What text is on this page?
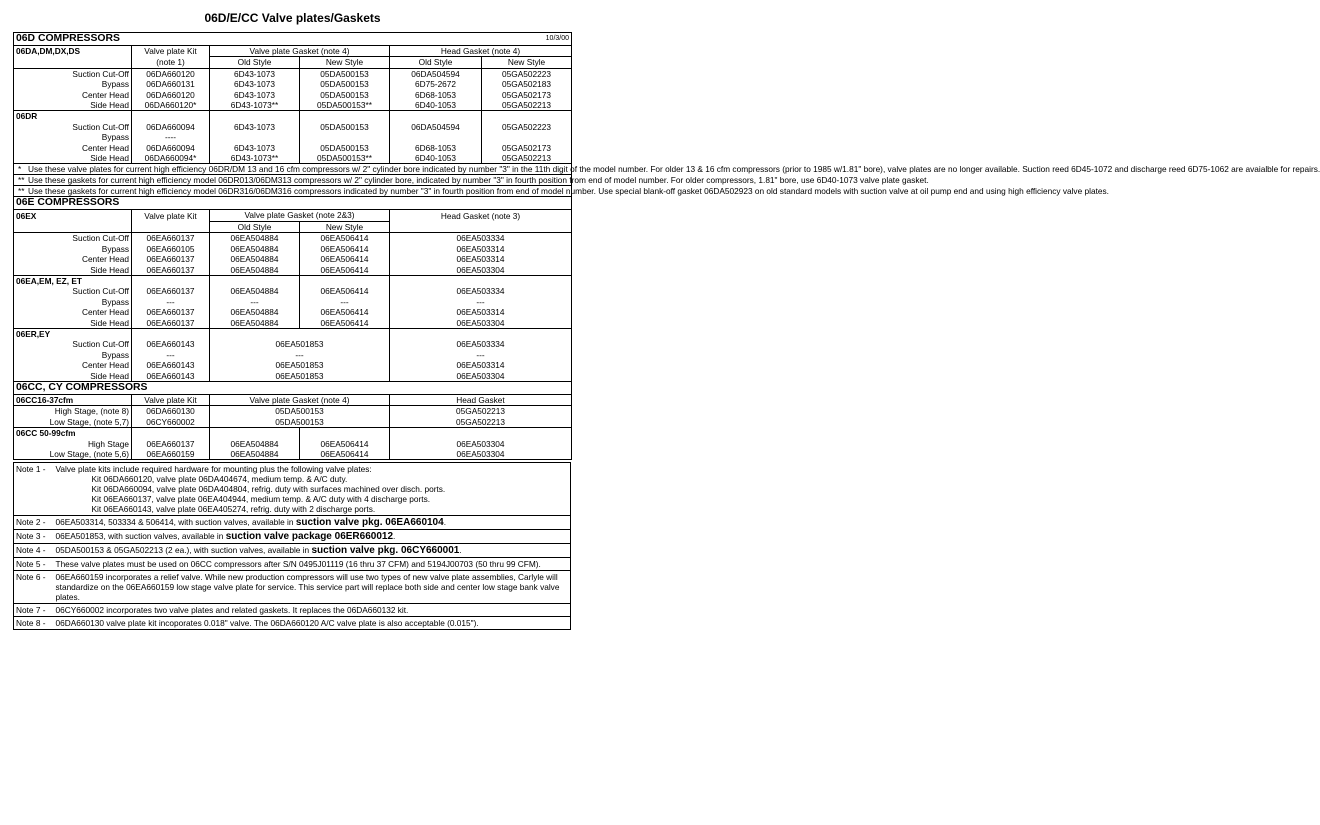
06D/E/CC Valve plates/Gaskets
06D COMPRESSORS 10/3/00					

06DA,DM,DX,DS	Valve plate Kit	Valve plate Gasket (note 4)		Head Gasket (note 4)	
	(note 1)	Old Style	New Style	Old Style	New Style
Suction Cut-Off	06DA660120	6D43-1073	05DA500153	06DA504594	05GA502223
Bypass	06DA660131	6D43-1073	05DA500153	6D75-2672	05GA502183
Center Head	06DA660120	6D43-1073	05DA500153	6D68-1053	05GA502173
Side Head	06DA660120*	6D43-1073**	05DA500153**	6D40-1053	05GA502213
06DR					
Suction Cut-Off	06DA660094	6D43-1073	05DA500153	06DA504594	05GA502223
Bypass	----				
Center Head	06DA660094	6D43-1073	05DA500153	6D68-1053	05GA502173
Side Head	06DA660094*	6D43-1073**	05DA500153**	6D40-1053	05GA502213
* Use these valve plates for current high efficiency 06DR/DM 13 and 16 cfm compressors w/ 2" cylinder bore indicated by number "3" in the 11th digit of the model number. For older 13 & 16 cfm compressors (prior to 1985 w/1.81" bore), valve plates are no longer available. Suction reed 6D45-1072 and discharge reed 6D75-1062 are avaialble for repairs.					
** Use these gaskets for current high efficiency model 06DR013/06DM313 compressors w/ 2" cylinder bore, indicated by number "3" in fourth position from end of model number. For older compressors, 1.81" bore, use 6D40-1073 valve plate gasket.					
** Use these gaskets for current high efficiency model 06DR316/06DM316 compressors indicated by number "3" in fourth position from end of model number. Use special blank-off gasket 06DA502923 on old standard models with suction valve at oil pump end and using high efficiency valve plates.					
06E COMPRESSORS					
06EX	Valve plate Kit	Valve plate Gasket (note 2&3)		Head Gasket (note 3)	
		Old Style	New Style		
Suction Cut-Off	06EA660137	06EA504884	06EA506414	06EA503334	
Bypass	06EA660105	06EA504884	06EA506414	06EA503314	
Center Head	06EA660137	06EA504884	06EA506414	06EA503314	
Side Head	06EA660137	06EA504884	06EA506414	06EA503304	
06EA,EM, EZ, ET					
Suction Cut-Off	06EA660137	06EA504884	06EA506414	06EA503334	
Bypass	---	---	---	---	
Center Head	06EA660137	06EA504884	06EA506414	06EA503314	
Side Head	06EA660137	06EA504884	06EA506414	06EA503304	
06ER,EY					
Suction Cut-Off	06EA660143	06EA501853		06EA503334	
Bypass	---	---		---	
Center Head	06EA660143	06EA501853		06EA503314	
Side Head	06EA660143	06EA501853		06EA503304	
06CC, CY COMPRESSORS					
06CC16-37cfm	Valve plate Kit	Valve plate Gasket (note 4)		Head Gasket	
High Stage, (note 8)	06DA660130	05DA500153		05GA502213	
Low Stage, (note 5,7)	06CY660002	05DA500153		05GA502213	
06CC 50-99cfm					
High Stage	06EA660137	06EA504884	06EA506414	06EA503304	
Low Stage, (note 5,6)	06EA660159	06EA504884	06EA506414	06EA503304	
Note 1 -	Valve plate kits include required hardware for mounting plus the following valve plates:
Kit 06DA660120, valve plate 06DA404674, medium temp. & A/C duty.
Kit 06DA660094, valve plate 06DA404804, refrig. duty with surfaces machined over disch. ports.
Kit 06EA660137, valve plate 06EA404944, medium temp. & A/C duty with 4 discharge ports.
Kit 06EA660143, valve plate 06EA405274, refrig. duty with 2 discharge ports.

Note 2 -	06EA503314, 503334 & 506414, with suction valves, available in suction valve pkg. 06EA660104.
Note 3 -	06EA501853, with suction valves, available in suction valve package 06ER660012.
Note 4 -	05DA500153 & 05GA502213 (2 ea.), with suction valves, available in suction valve pkg. 06CY660001.
Note 5 -	These valve plates must be used on 06CC compressors after S/N 0495J01119 (16 thru 37 CFM) and 5194J00703 (50 thru 99 CFM).
Note 6 -	06EA660159 incorporates a relief valve. While new production compressors will use two types of new valve plate assemblies, Carlyle will standardize on the 06EA660159 low stage valve plate for service. This service part will replace both side and center low stage bank valve plates.
Note 7 -	06CY660002 incorporates two valve plates and related gaskets. It replaces the 06DA660132 kit.
Note 8 -	06DA660130 valve plate kit incoporates 0.018" valve. The 06DA660120 A/C valve plate is also acceptable (0.015").
